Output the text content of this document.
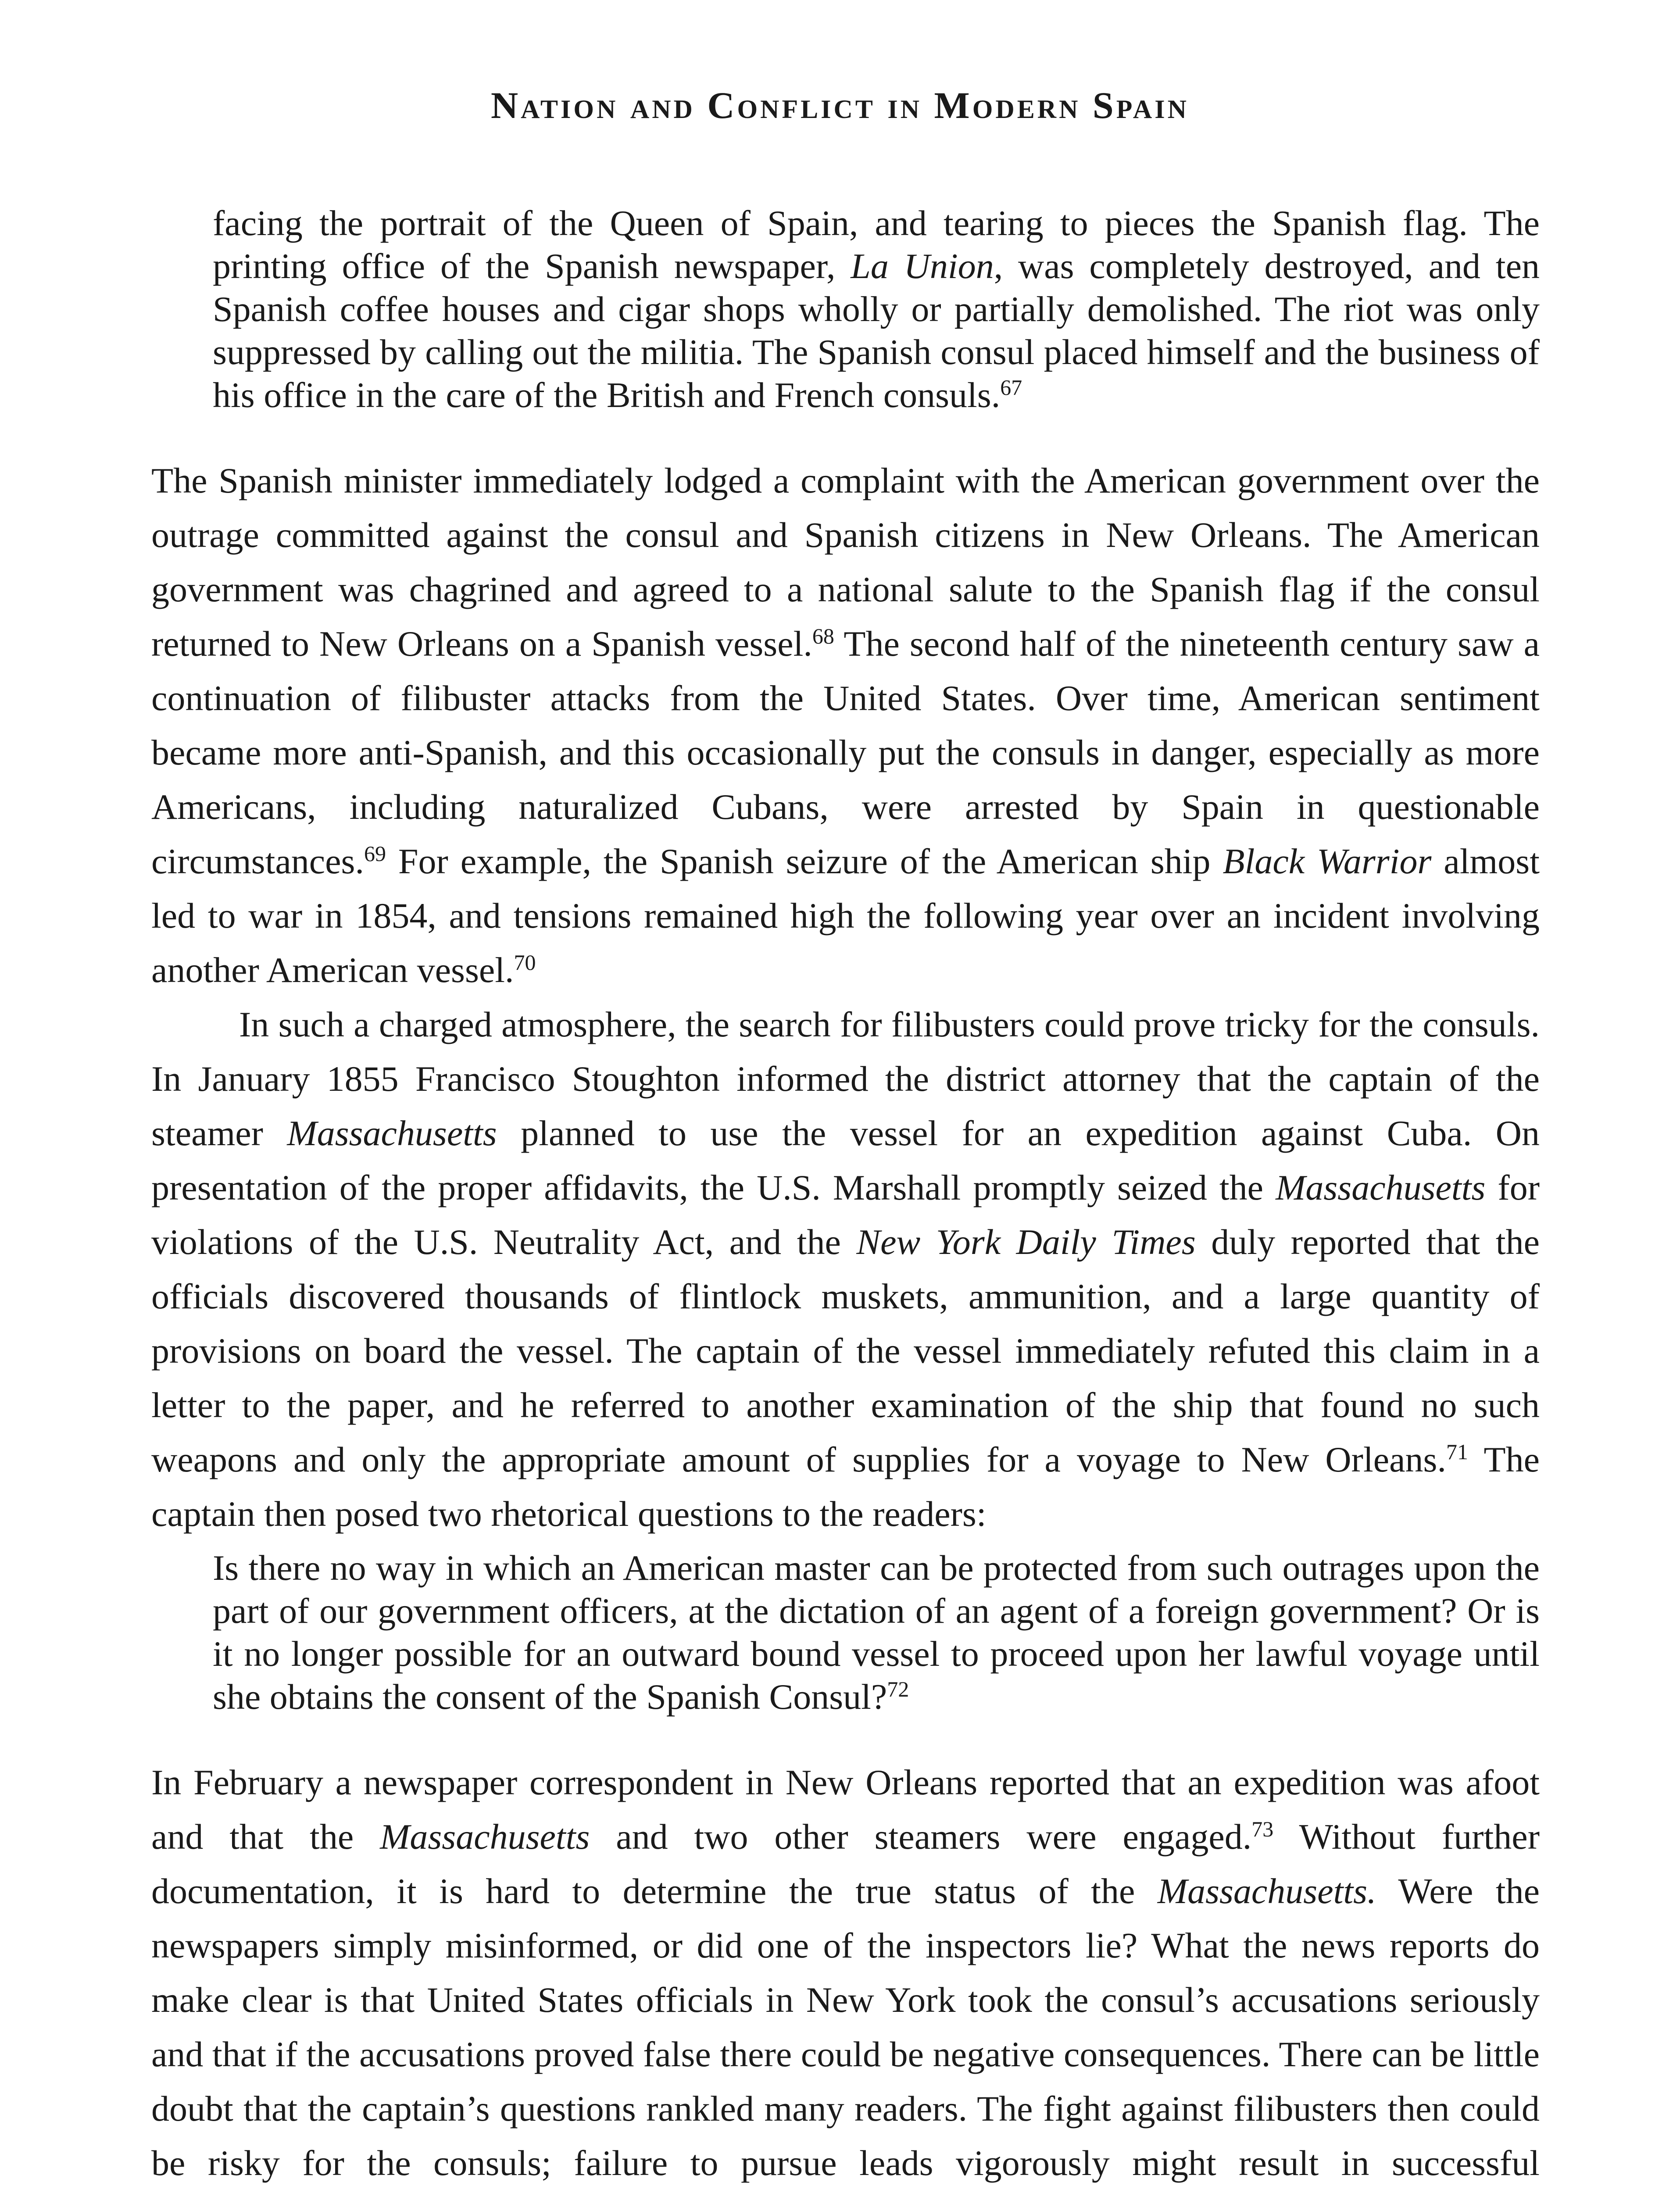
Nation and Conflict in Modern Spain

facing the portrait of the Queen of Spain, and tearing to pieces the Spanish flag. The printing office of the Spanish newspaper, La Union, was completely destroyed, and ten Spanish coffee houses and cigar shops wholly or partially demolished. The riot was only suppressed by calling out the militia. The Spanish consul placed himself and the business of his office in the care of the British and French consuls.$^{67}$

The Spanish minister immediately lodged a complaint with the American government over the outrage committed against the consul and Spanish citizens in New Orleans. The American government was chagrined and agreed to a national salute to the Spanish flag if the consul returned to New Orleans on a Spanish vessel.$^{68}$ The second half of the nineteenth century saw a continuation of filibuster attacks from the United States. Over time, American sentiment became more anti-Spanish, and this occasionally put the consuls in danger, especially as more Americans, including naturalized Cubans, were arrested by Spain in questionable circumstances.$^{69}$ For example, the Spanish seizure of the American ship Black Warrior almost led to war in 1854, and tensions remained high the following year over an incident involving another American vessel.$^{70}$

In such a charged atmosphere, the search for filibusters could prove tricky for the consuls. In January 1855 Francisco Stoughton informed the district attorney that the captain of the steamer Massachusetts planned to use the vessel for an expedition against Cuba. On presentation of the proper affidavits, the U.S. Marshall promptly seized the Massachusetts for violations of the U.S. Neutrality Act, and the New York Daily Times duly reported that the officials discovered thousands of flintlock muskets, ammunition, and a large quantity of provisions on board the vessel. The captain of the vessel immediately refuted this claim in a letter to the paper, and he referred to another examination of the ship that found no such weapons and only the appropriate amount of supplies for a voyage to New Orleans.$^{71}$ The captain then posed two rhetorical questions to the readers:

Is there no way in which an American master can be protected from such outrages upon the part of our government officers, at the dictation of an agent of a foreign government? Or is it no longer possible for an outward bound vessel to proceed upon her lawful voyage until she obtains the consent of the Spanish Consul?$^{72}$

In February a newspaper correspondent in New Orleans reported that an expedition was afoot and that the Massachusetts and two other steamers were engaged.$^{73}$ Without further documentation, it is hard to determine the true status of the Massachusetts. Were the newspapers simply misinformed, or did one of the inspectors lie? What the news reports do make clear is that United States officials in New York took the consul’s accusations seriously and that if the accusations proved false there could be negative consequences. There can be little doubt that the captain’s questions rankled many readers. The fight against filibusters then could be risky for the consuls; failure to pursue leads vigorously might result in successful
